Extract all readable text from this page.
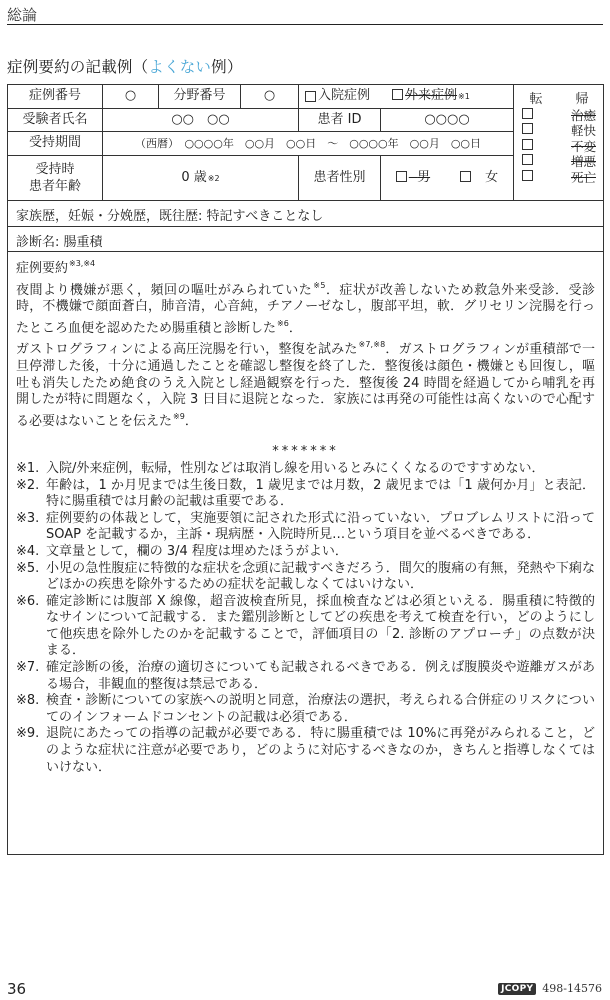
総論
症例要約の記載例（よくない例）
症例番号	○	分野番号	○	入院症例	外来症例 ※1
受験者氏名	○○　○○	患者 ID	○○○○
受持期間	（西暦）　○○○○年　○○月　○○日　～　○○○○年　○○月　○○日
受持時
患者年齢
0 歳 ※2	患者性別	男	女
転　帰
治癒
軽快
不変
増悪
死亡
家族歴，妊娠・分娩歴，既往歴: 特記すべきことなし
診断名: 腸重積
症例要約$^{※3,※4}$

夜間より機嫌が悪く，頻回の嘔吐がみられていた$^{※5}$．症状が改善しないため救急外来受診．受診時，不機嫌で顔面蒼白，肺音清，心音純，チアノーゼなし，腹部平坦，軟．グリセリン浣腸を行ったところ血便を認めたため腸重積と診断した$^{※6}$．

ガストログラフィンによる高圧浣腸を行い，整復を試みた$^{※7,※8}$．ガストログラフィンが重積部で一旦停滞した後，十分に通過したことを確認し整復を終了した．整復後は顔色・機嫌とも回復し，嘔吐も消失したため絶食のうえ入院とし経過観察を行った．整復後 24 時間を経過してから哺乳を再開したが特に問題なく，入院 3 日目に退院となった．家族には再発の可能性は高くないので心配する必要はないことを伝えた$^{※9}$．

*******
※1. 入院/外来症例，転帰，性別などは取消し線を用いるとみにくくなるのですすめない．
※2. 年齢は，1 か月児までは生後日数，1 歳児までは月数，2 歳児までは「1 歳何か月」と表記．特に腸重積では月齢の記載は重要である．
※3. 症例要約の体裁として，実施要領に記された形式に沿っていない．プロブレムリストに沿って SOAP を記載するか，主訴・現病歴・入院時所見…という項目を並べるべきである．
※4. 文章量として，欄の 3/4 程度は埋めたほうがよい．
※5. 小児の急性腹症に特徴的な症状を念頭に記載すべきだろう．間欠的腹痛の有無，発熱や下痢などほかの疾患を除外するための症状を記載しなくてはいけない．
※6. 確定診断には腹部 X 線像，超音波検査所見，採血検査などは必須といえる．腸重積に特徴的なサインについて記載する．また鑑別診断としてどの疾患を考えて検査を行い，どのようにして他疾患を除外したのかを記載することで，評価項目の「2. 診断のアプローチ」の点数が決まる．
※7. 確定診断の後，治療の適切さについても記載されるべきである．例えば腹膜炎や遊離ガスがある場合，非観血的整復は禁忌である．
※8. 検査・診断についての家族への説明と同意，治療法の選択，考えられる合併症のリスクについてのインフォームドコンセントの記載は必須である．
※9. 退院にあたっての指導の記載が必要である．特に腸重積では 10%に再発がみられること，どのような症状に注意が必要であり，どのように対応するべきなのか，きちんと指導しなくてはいけない．
36	JCOPY 498-14576
